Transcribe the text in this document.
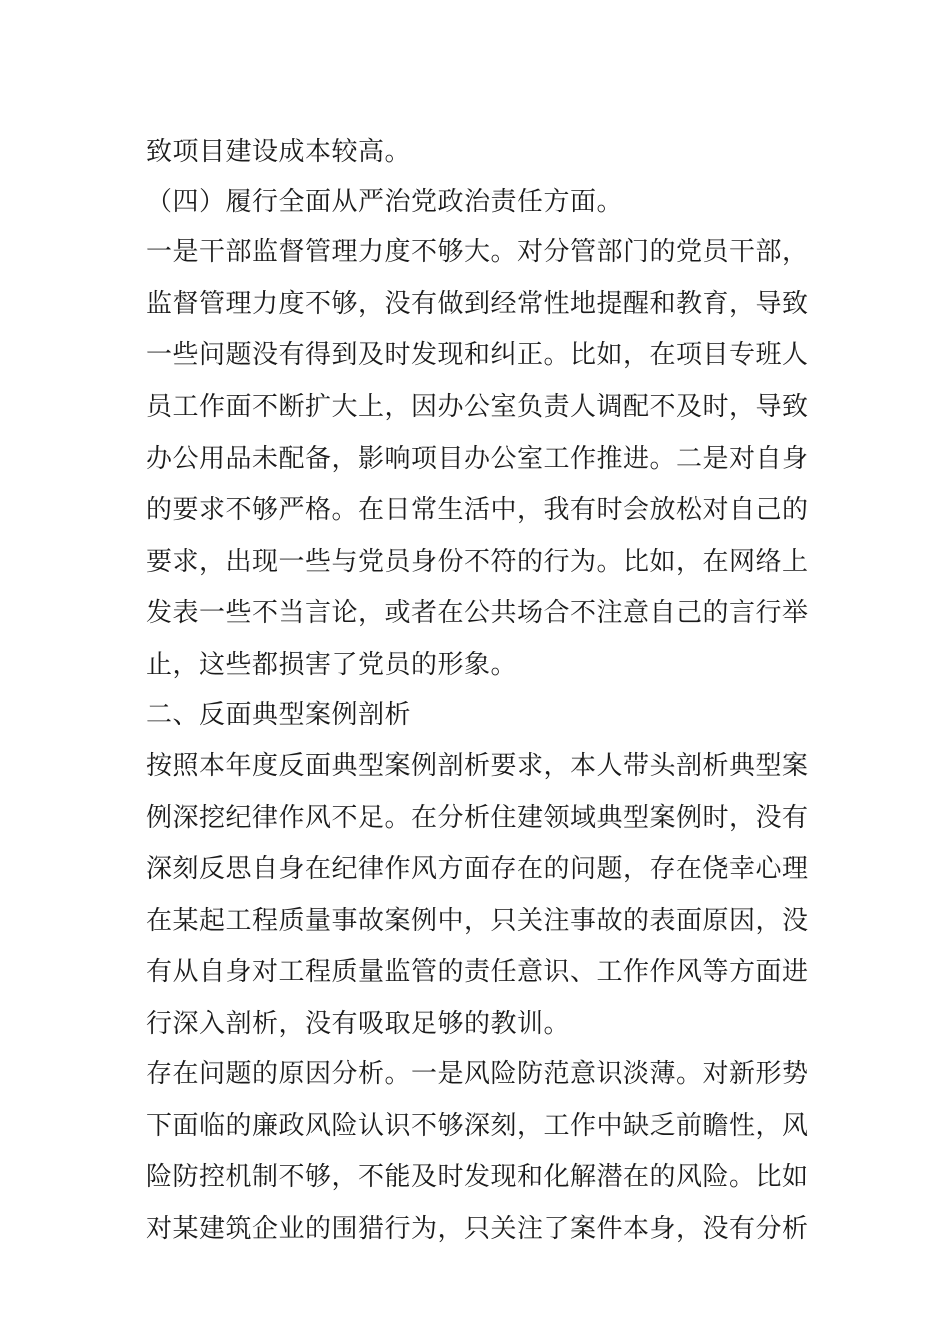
致项目建设成本较高。
（四）履行全面从严治党政治责任方面。
一是干部监督管理力度不够大。对分管部门的党员干部，
监督管理力度不够，没有做到经常性地提醒和教育，导致
一些问题没有得到及时发现和纠正。比如，在项目专班人
员工作面不断扩大上，因办公室负责人调配不及时，导致
办公用品未配备，影响项目办公室工作推进。二是对自身
的要求不够严格。在日常生活中，我有时会放松对自己的
要求，出现一些与党员身份不符的行为。比如，在网络上
发表一些不当言论，或者在公共场合不注意自己的言行举
止，这些都损害了党员的形象。
二、反面典型案例剖析
按照本年度反面典型案例剖析要求，本人带头剖析典型案
例深挖纪律作风不足。在分析住建领域典型案例时，没有
深刻反思自身在纪律作风方面存在的问题，存在侥幸心理
在某起工程质量事故案例中，只关注事故的表面原因，没
有从自身对工程质量监管的责任意识、工作作风等方面进
行深入剖析，没有吸取足够的教训。
存在问题的原因分析。一是风险防范意识淡薄。对新形势
下面临的廉政风险认识不够深刻，工作中缺乏前瞻性，风
险防控机制不够，不能及时发现和化解潜在的风险。比如
对某建筑企业的围猎行为，只关注了案件本身，没有分析
